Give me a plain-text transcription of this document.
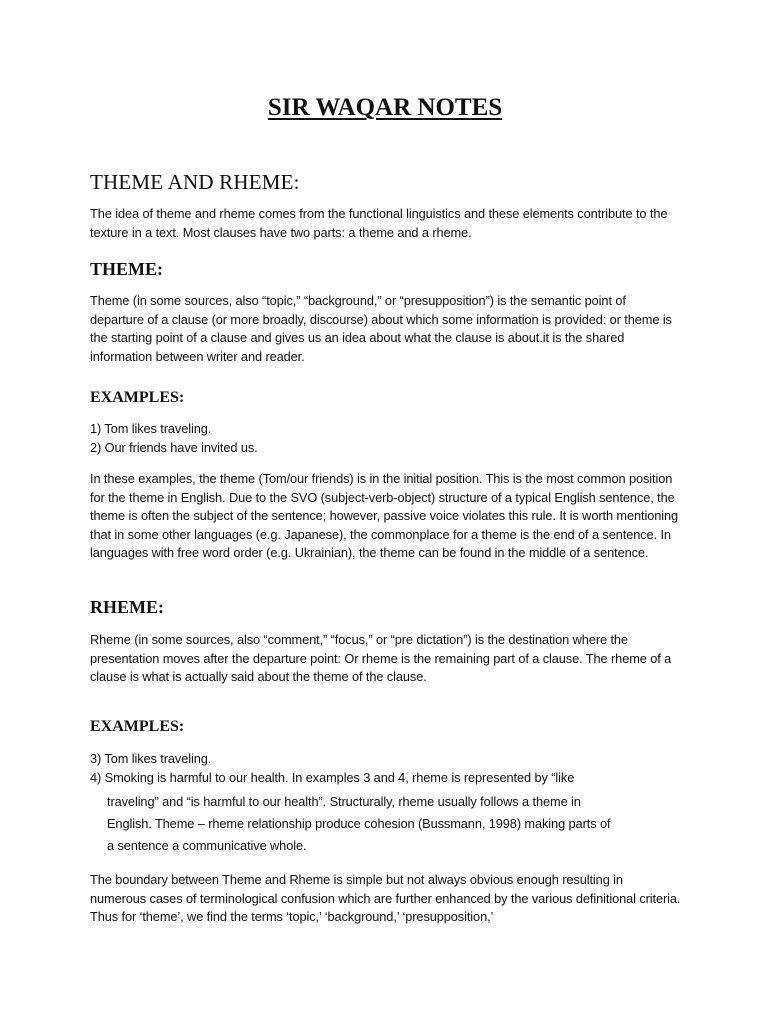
SIR WAQAR NOTES
THEME AND RHEME:

The idea of theme and rheme comes from the functional linguistics and these elements contribute to the texture in a text. Most clauses have two parts: a theme and a rheme.

THEME:

Theme (in some sources, also “topic,” “background,” or “presupposition”) is the semantic point of departure of a clause (or more broadly, discourse) about which some information is provided: or theme is the starting point of a clause and gives us an idea about what the clause is about.it is the shared information between writer and reader.

EXAMPLES:
1) Tom likes traveling.
2) Our friends have invited us.

In these examples, the theme (Tom/our friends) is in the initial position. This is the most common position for the theme in English. Due to the SVO (subject-verb-object) structure of a typical English sentence, the theme is often the subject of the sentence; however, passive voice violates this rule. It is worth mentioning that in some other languages (e.g. Japanese), the commonplace for a theme is the end of a sentence. In languages with free word order (e.g. Ukrainian), the theme can be found in the middle of a sentence.

RHEME:

Rheme (in some sources, also “comment,” “focus,” or “pre dictation”) is the destination where the presentation moves after the departure point: Or rheme is the remaining part of a clause. The rheme of a clause is what is actually said about the theme of the clause.

EXAMPLES:
3) Tom likes traveling.
4) Smoking is harmful to our health. In examples 3 and 4, rheme is represented by “like
traveling” and “is harmful to our health”. Structurally, rheme usually follows a theme in
English. Theme – rheme relationship produce cohesion (Bussmann, 1998) making parts of
a sentence a communicative whole.

The boundary between Theme and Rheme is simple but not always obvious enough resulting in numerous cases of terminological confusion which are further enhanced by the various definitional criteria. Thus for ‘theme’, we find the terms ‘topic,’ ‘background,’ ‘presupposition,’
